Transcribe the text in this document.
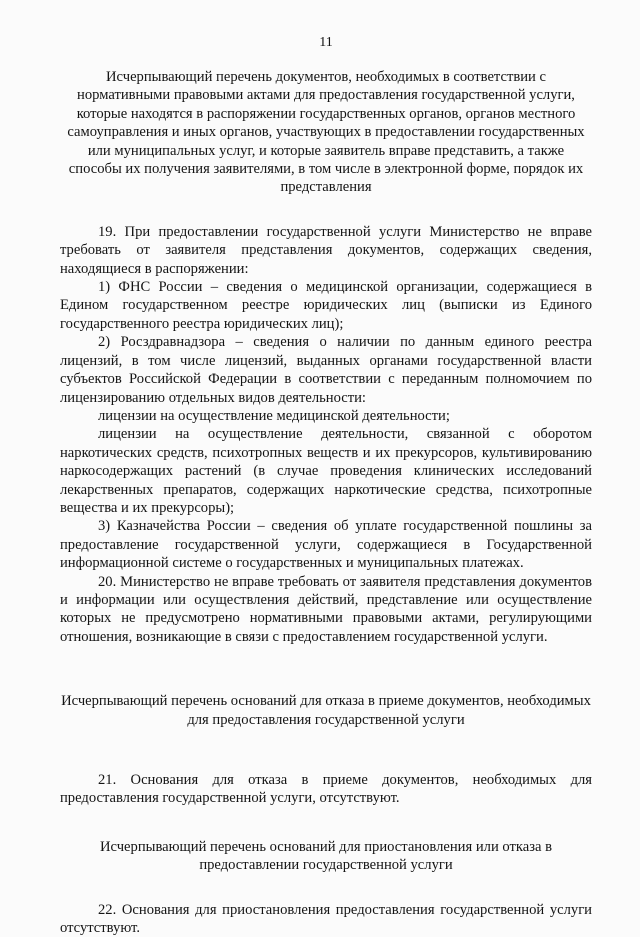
11
Исчерпывающий перечень документов, необходимых в соответствии с нормативными правовыми актами для предоставления государственной услуги, которые находятся в распоряжении государственных органов, органов местного самоуправления и иных органов, участвующих в предоставлении государственных или муниципальных услуг, и которые заявитель вправе представить, а также способы их получения заявителями, в том числе в электронной форме, порядок их представления

19. При предоставлении государственной услуги Министерство не вправе требовать от заявителя представления документов, содержащих сведения, находящиеся в распоряжении:

1) ФНС России – сведения о медицинской организации, содержащиеся в Едином государственном реестре юридических лиц (выписки из Единого государственного реестра юридических лиц);

2) Росздравнадзора – сведения о наличии по данным единого реестра лицензий, в том числе лицензий, выданных органами государственной власти субъектов Российской Федерации в соответствии с переданным полномочием по лицензированию отдельных видов деятельности:

лицензии на осуществление медицинской деятельности;

лицензии на осуществление деятельности, связанной с оборотом наркотических средств, психотропных веществ и их прекурсоров, культивированию наркосодержащих растений (в случае проведения клинических исследований лекарственных препаратов, содержащих наркотические средства, психотропные вещества и их прекурсоры);

3) Казначейства России – сведения об уплате государственной пошлины за предоставление государственной услуги, содержащиеся в Государственной информационной системе о государственных и муниципальных платежах.

20. Министерство не вправе требовать от заявителя представления документов и информации или осуществления действий, представление или осуществление которых не предусмотрено нормативными правовыми актами, регулирующими отношения, возникающие в связи с предоставлением государственной услуги.

Исчерпывающий перечень оснований для отказа в приеме документов, необходимых для предоставления государственной услуги

21. Основания для отказа в приеме документов, необходимых для предоставления государственной услуги, отсутствуют.

Исчерпывающий перечень оснований для приостановления или отказа в предоставлении государственной услуги

22. Основания для приостановления предоставления государственной услуги отсутствуют.
